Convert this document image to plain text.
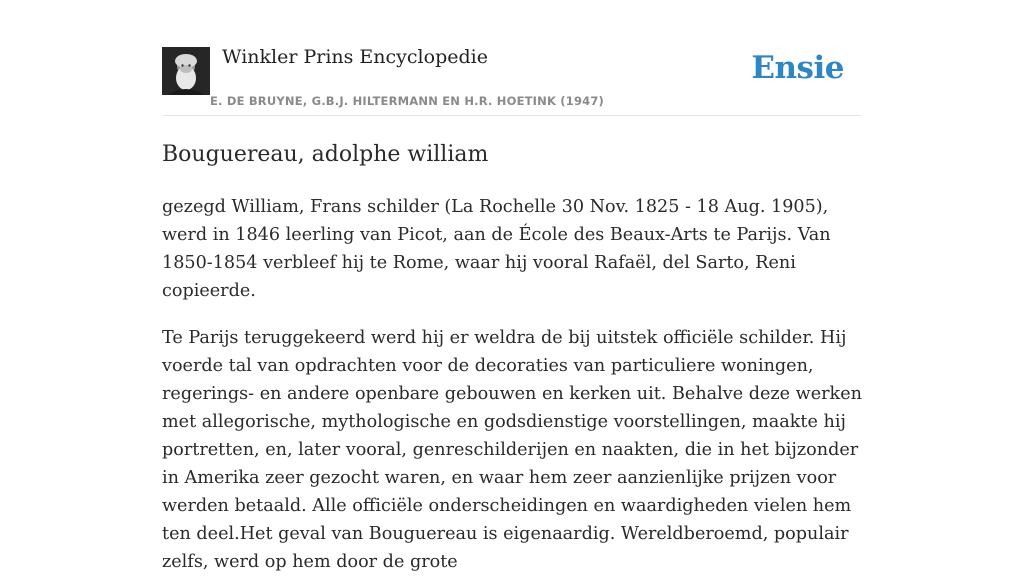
Winkler Prins Encyclopedie
E. DE BRUYNE, G.B.J. HILTERMANN EN H.R. HOETINK (1947)
Ensie
Bouguereau, adolphe william

gezegd William, Frans schilder (La Rochelle 30 Nov. 1825 - 18 Aug. 1905), werd in 1846 leerling van Picot, aan de École des Beaux-Arts te Parijs. Van 1850-1854 verbleef hij te Rome, waar hij vooral Rafaël, del Sarto, Reni copieerde.

Te Parijs teruggekeerd werd hij er weldra de bij uitstek officiële schilder. Hij voerde tal van opdrachten voor de decoraties van particuliere woningen, regerings- en andere openbare gebouwen en kerken uit. Behalve deze werken met allegorische, mythologische en godsdienstige voorstellingen, maakte hij portretten, en, later vooral, genreschilderijen en naakten, die in het bijzonder in Amerika zeer gezocht waren, en waar hem zeer aanzienlijke prijzen voor werden betaald. Alle officiële onderscheidingen en waardigheden vielen hem ten deel.Het geval van Bouguereau is eigenaardig. Wereldberoemd, populair zelfs, werd op hem door de grote
